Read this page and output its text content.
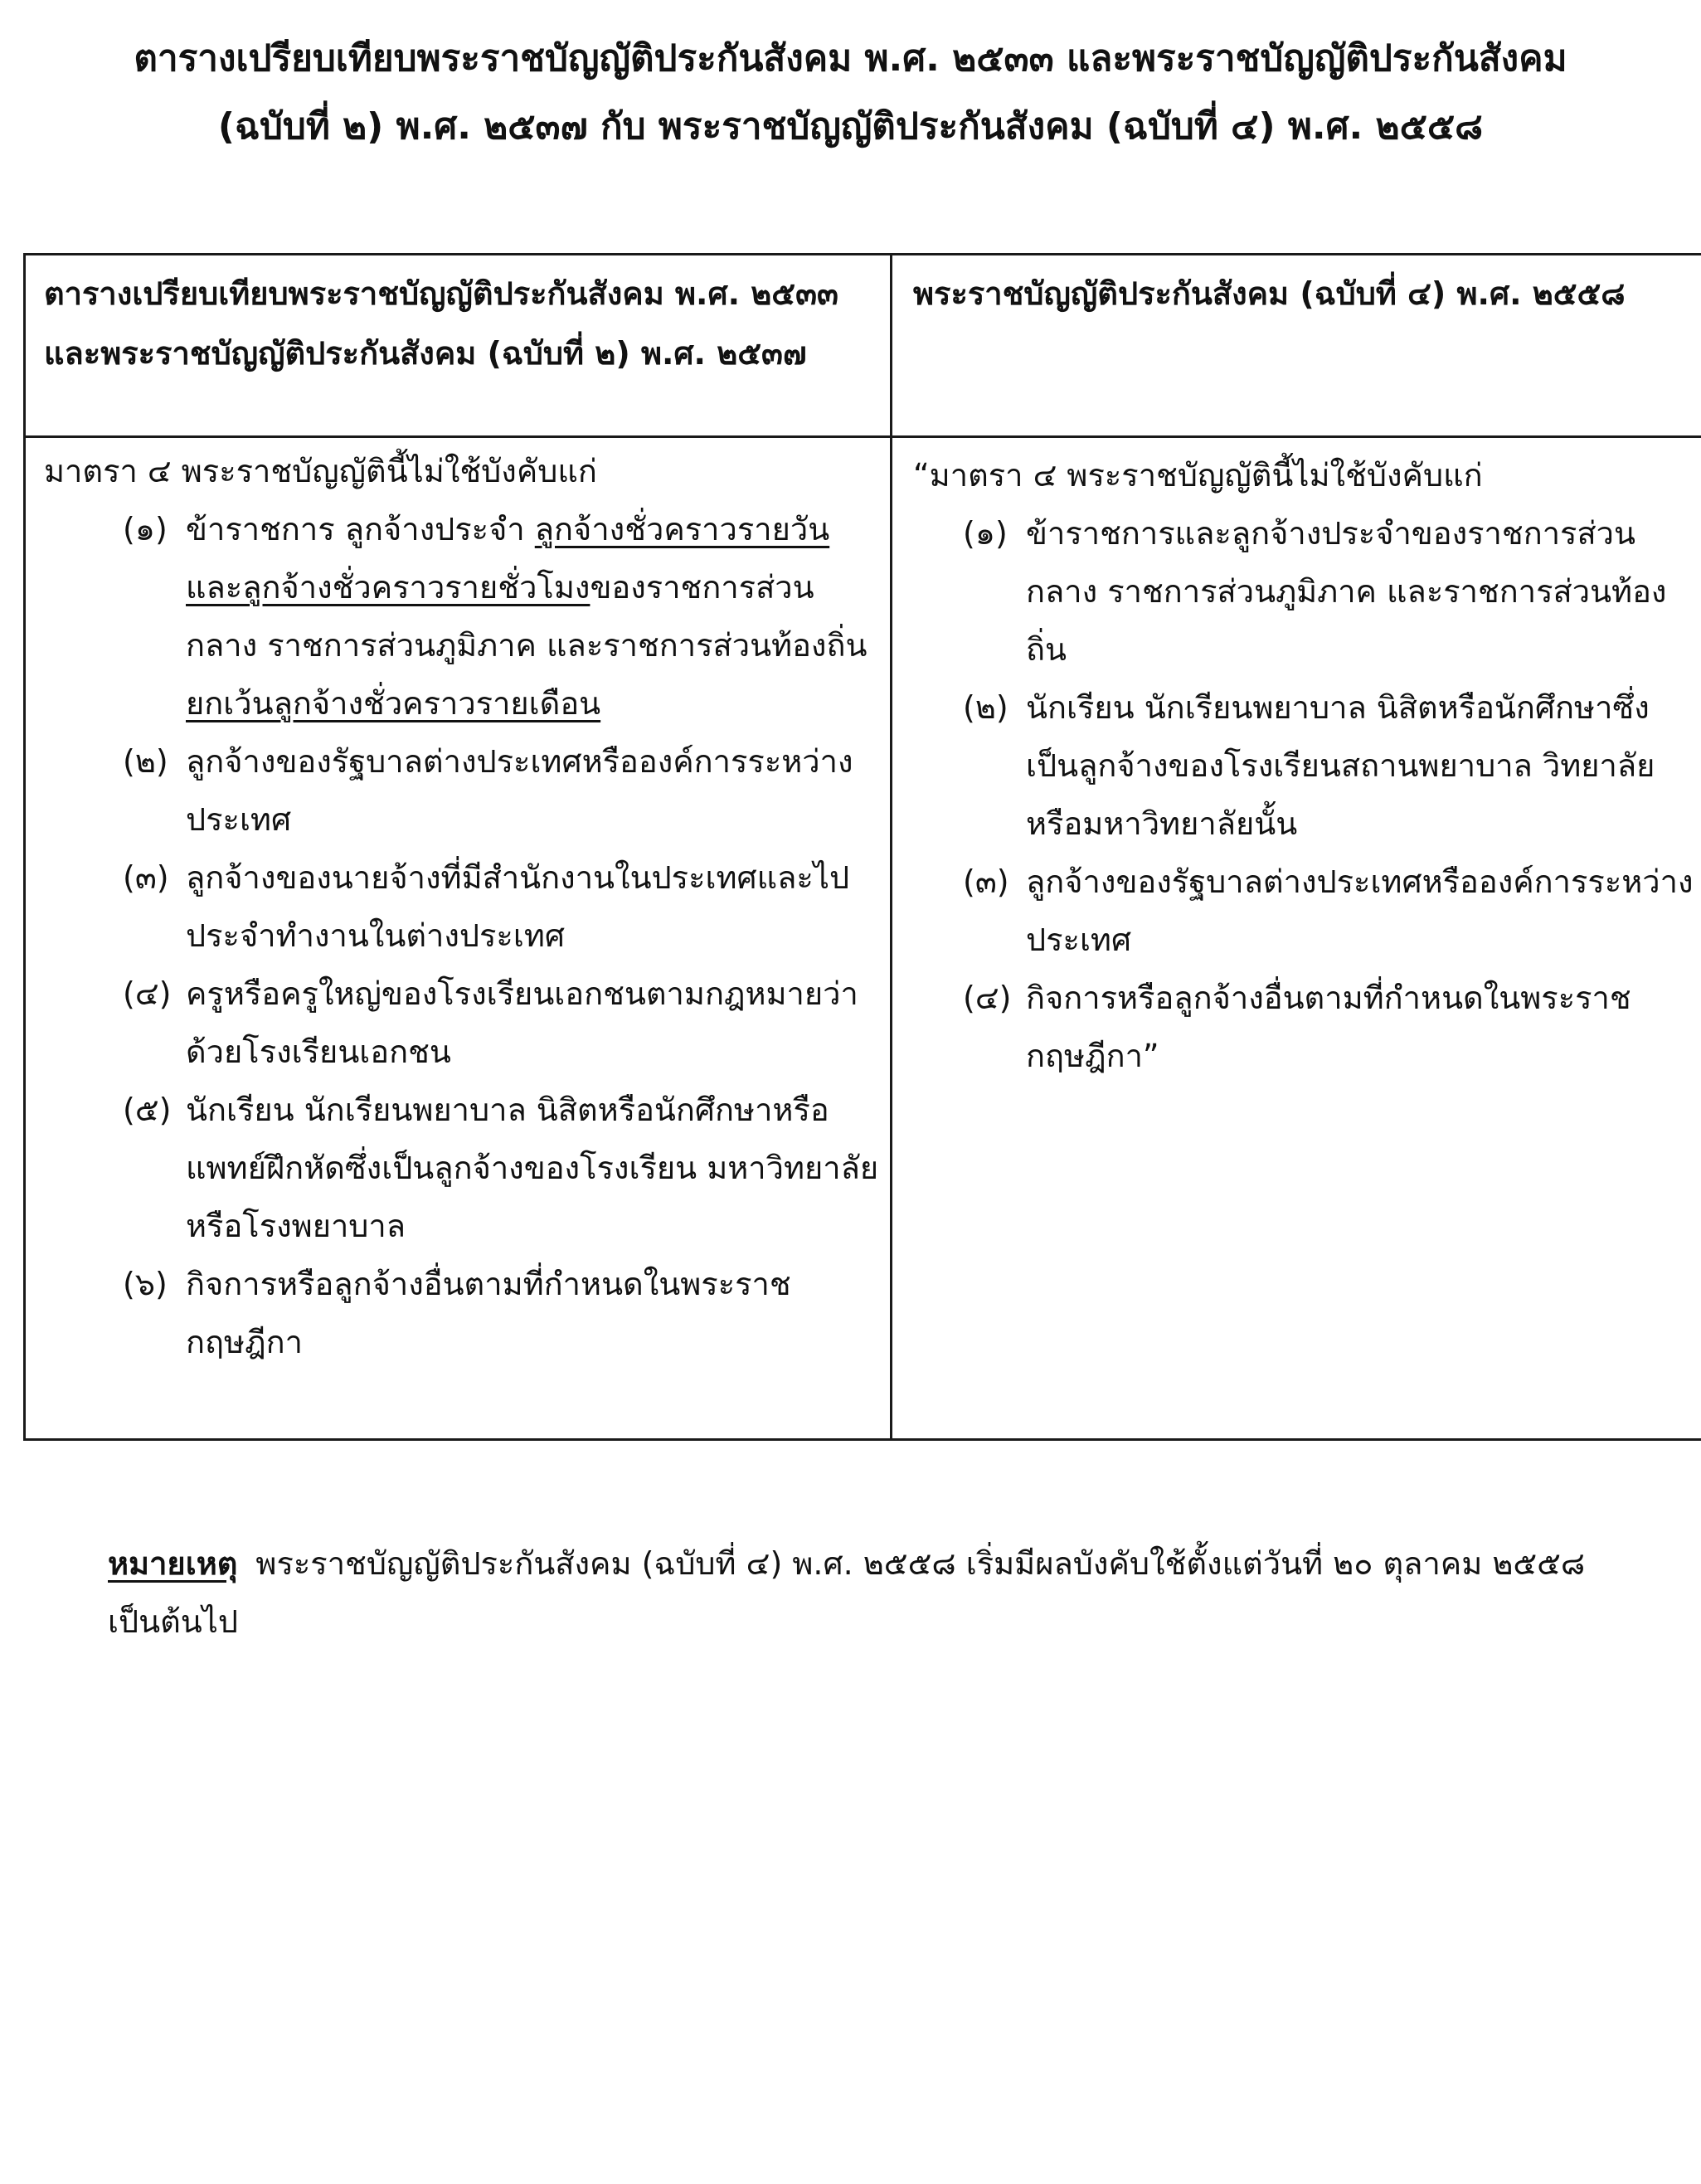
ตารางเปรียบเทียบพระราชบัญญัติประกันสังคม พ.ศ. ๒๕๓๓ และพระราชบัญญัติประกันสังคม
(ฉบับที่ ๒) พ.ศ. ๒๕๓๗ กับ พระราชบัญญัติประกันสังคม (ฉบับที่ ๔) พ.ศ. ๒๕๕๘
ตารางเปรียบเทียบพระราชบัญญัติประกันสังคม พ.ศ. ๒๕๓๓ และพระราชบัญญัติประกันสังคม (ฉบับที่ ๒) พ.ศ. ๒๕๓๗
พระราชบัญญัติประกันสังคม (ฉบับที่ ๔) พ.ศ. ๒๕๕๘
มาตรา ๔ พระราชบัญญัตินี้ไม่ใช้บังคับแก่
(๑) ข้าราชการ ลูกจ้างประจำ ลูกจ้างชั่วคราวรายวันและลูกจ้างชั่วคราวรายชั่วโมงของราชการส่วนกลาง ราชการส่วนภูมิภาค และราชการส่วนท้องถิ่น ยกเว้นลูกจ้างชั่วคราวรายเดือน
(๒) ลูกจ้างของรัฐบาลต่างประเทศหรือองค์การระหว่างประเทศ
(๓) ลูกจ้างของนายจ้างที่มีสำนักงานในประเทศและไปประจำทำงานในต่างประเทศ
(๔) ครูหรือครูใหญ่ของโรงเรียนเอกชนตามกฎหมายว่าด้วยโรงเรียนเอกชน
(๕) นักเรียน นักเรียนพยาบาล นิสิตหรือนักศึกษาหรือแพทย์ฝึกหัดซึ่งเป็นลูกจ้างของโรงเรียน มหาวิทยาลัย หรือโรงพยาบาล
(๖) กิจการหรือลูกจ้างอื่นตามที่กำหนดในพระราชกฤษฎีกา
“มาตรา ๔ พระราชบัญญัตินี้ไม่ใช้บังคับแก่
(๑) ข้าราชการและลูกจ้างประจำของราชการส่วนกลาง ราชการส่วนภูมิภาค และราชการส่วนท้องถิ่น
(๒) นักเรียน นักเรียนพยาบาล นิสิตหรือนักศึกษาซึ่งเป็นลูกจ้างของโรงเรียนสถานพยาบาล วิทยาลัย หรือมหาวิทยาลัยนั้น
(๓) ลูกจ้างของรัฐบาลต่างประเทศหรือองค์การระหว่างประเทศ
(๔) กิจการหรือลูกจ้างอื่นตามที่กำหนดในพระราชกฤษฎีกา”
หมายเหตุ พระราชบัญญัติประกันสังคม (ฉบับที่ ๔) พ.ศ. ๒๕๕๘ เริ่มมีผลบังคับใช้ตั้งแต่วันที่ ๒๐ ตุลาคม ๒๕๕๘ เป็นต้นไป
